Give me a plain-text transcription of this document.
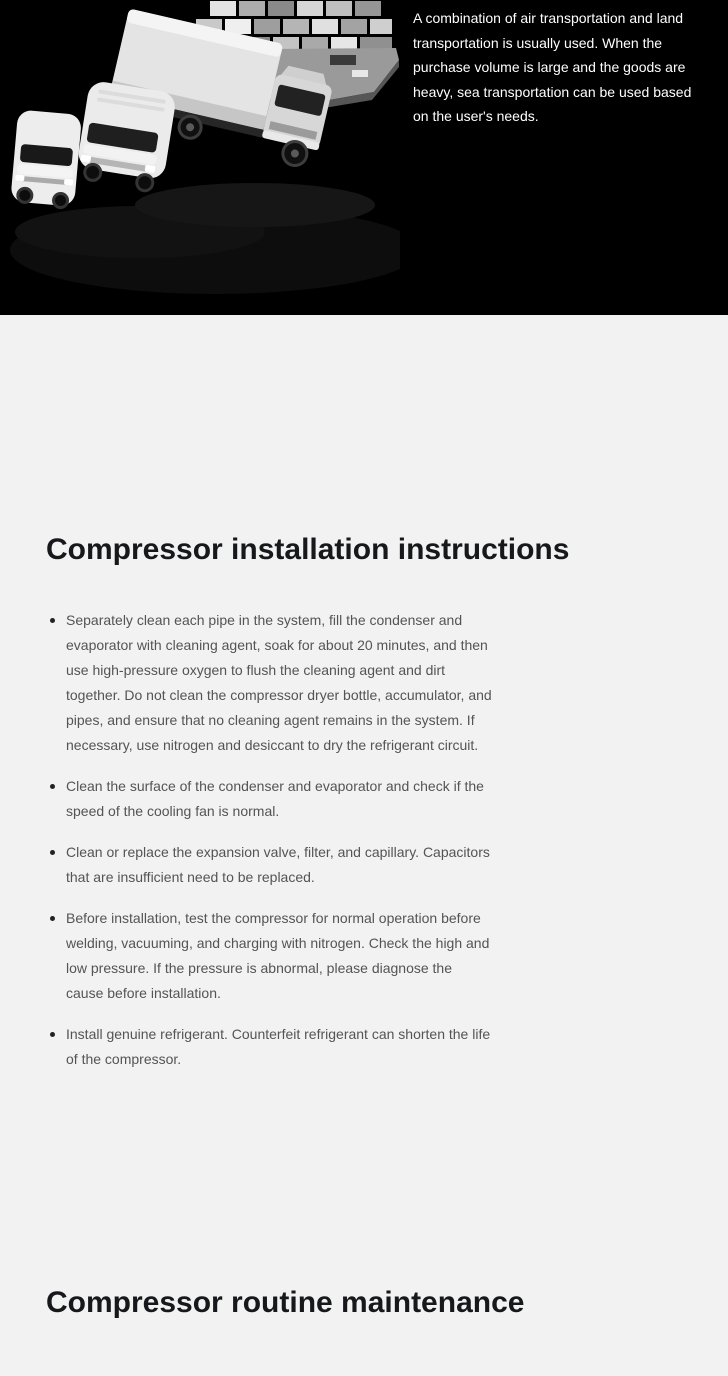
A combination of air transportation and land transportation is usually used. When the purchase volume is large and the goods are heavy, sea transportation can be used based on the user's needs.

Compressor installation instructions
Separately clean each pipe in the system, fill the condenser and evaporator with cleaning agent, soak for about 20 minutes, and then use high-pressure oxygen to flush the cleaning agent and dirt together. Do not clean the compressor dryer bottle, accumulator, and pipes, and ensure that no cleaning agent remains in the system. If necessary, use nitrogen and desiccant to dry the refrigerant circuit.
Clean the surface of the condenser and evaporator and check if the speed of the cooling fan is normal.
Clean or replace the expansion valve, filter, and capillary. Capacitors that are insufficient need to be replaced.
Before installation, test the compressor for normal operation before welding, vacuuming, and charging with nitrogen. Check the high and low pressure. If the pressure is abnormal, please diagnose the cause before installation.
Install genuine refrigerant. Counterfeit refrigerant can shorten the life of the compressor.
Compressor routine maintenance
